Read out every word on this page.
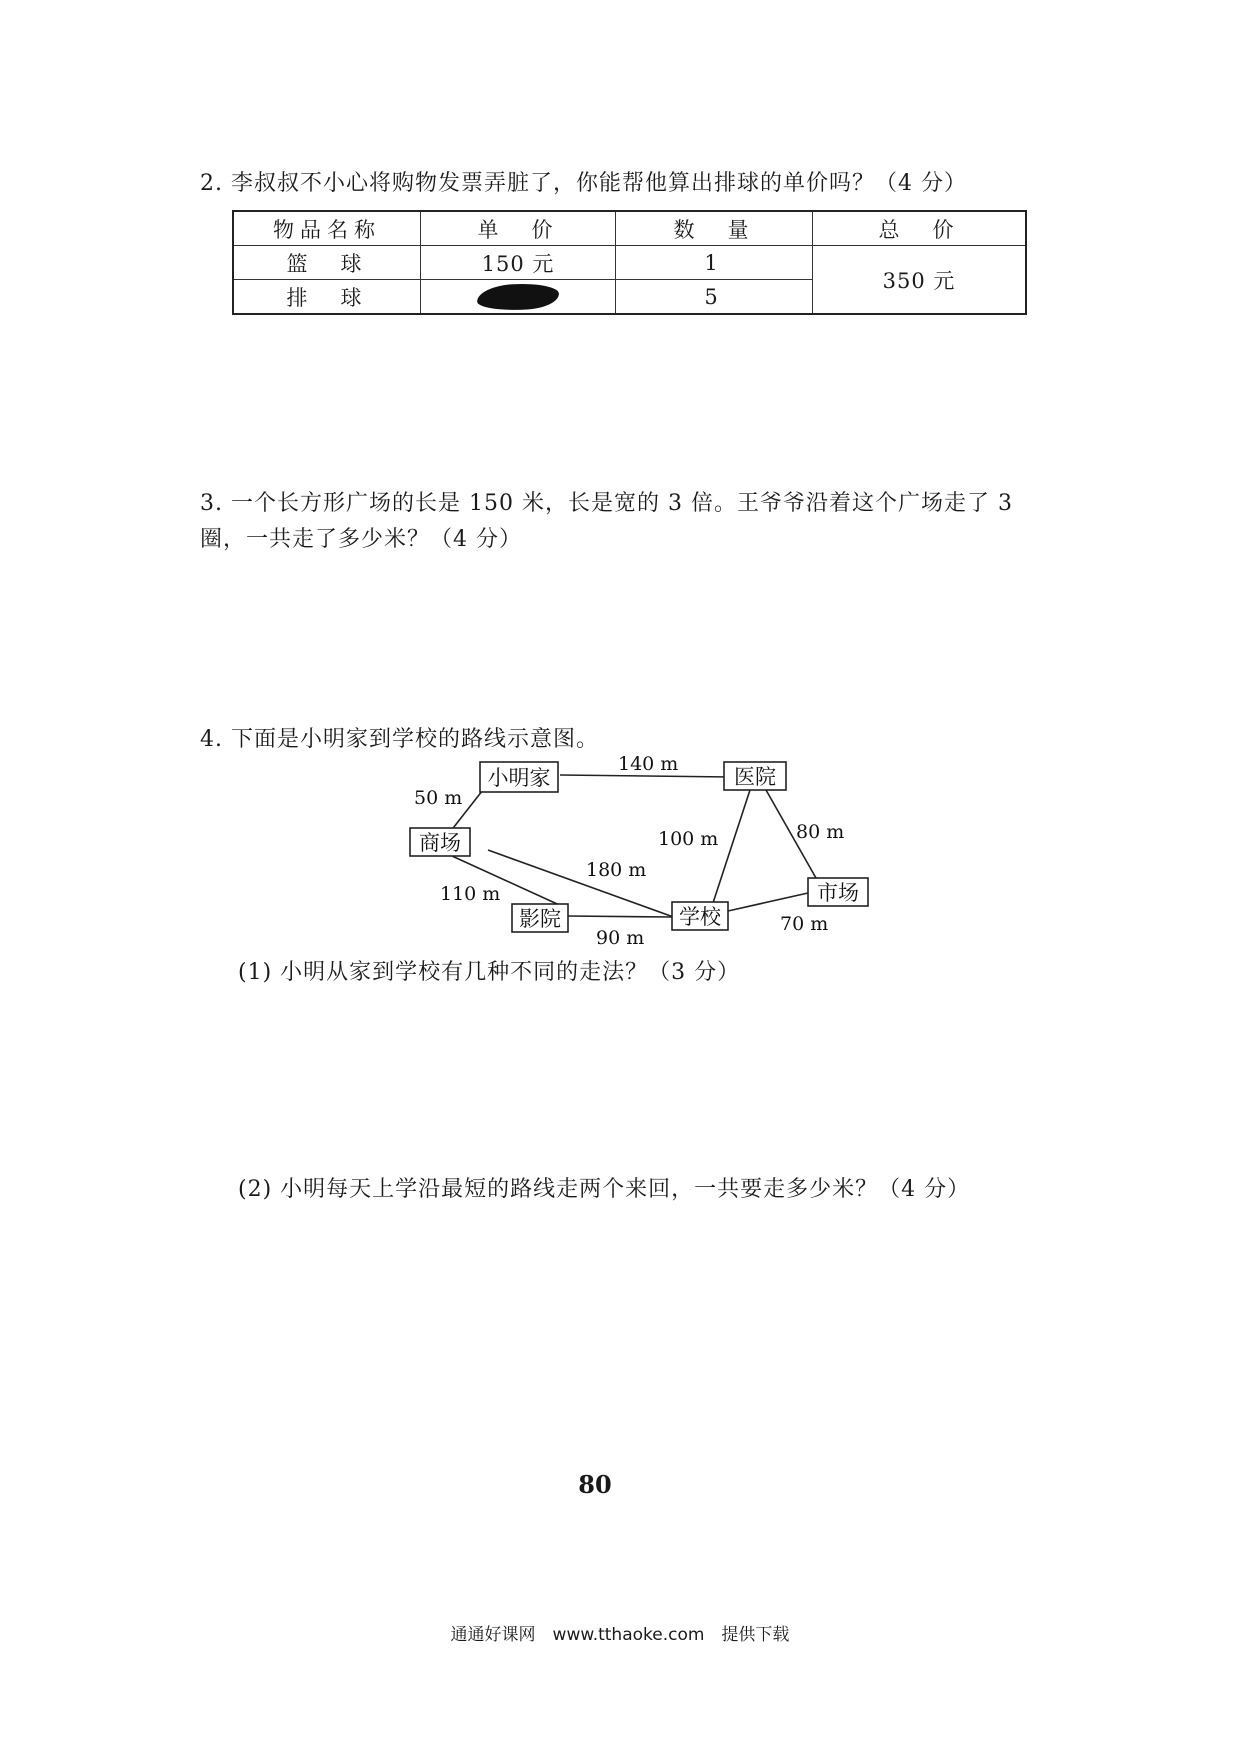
2. 李叔叔不小心将购物发票弄脏了，你能帮他算出排球的单价吗？（4 分）
物品名称	单　价	数　量	总　价
篮　球	150 元	1	350 元
排　球		5	
3. 一个长方形广场的长是 150 米，长是宽的 3 倍。王爷爷沿着这个广场走了 3 圈，一共走了多少米？（4 分）
4. 下面是小明家到学校的路线示意图。
小明家	医院
商场
影院	学校
市场
140 m
50 m
100 m	80 m
180 m
110 m
90 m
70 m
(1) 小明从家到学校有几种不同的走法？（3 分）
(2) 小明每天上学沿最短的路线走两个来回，一共要走多少米？（4 分）
80
通通好课网　www.tthaoke.com　提供下载
